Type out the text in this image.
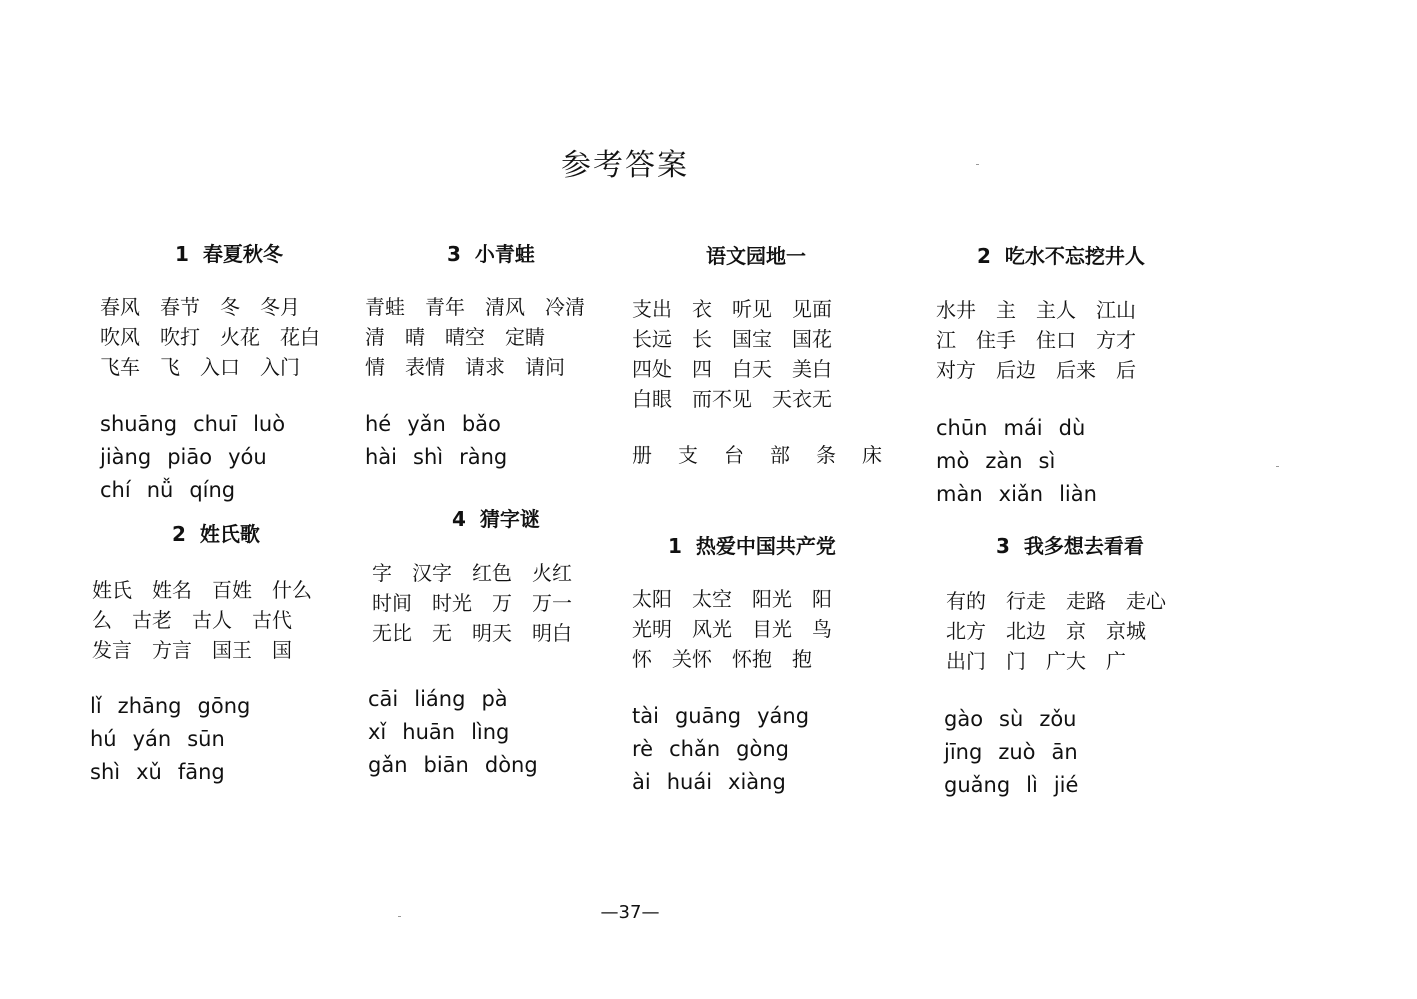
参考答案
1 春夏秋冬
春风 春节 冬 冬月
吹风 吹打 火花 花白
飞车 飞 入口 入门
shuāng chuī luò
jiàng piāo yóu
chí nǚ qíng
2 姓氏歌
姓氏 姓名 百姓 什么
么 古老 古人 古代
发言 方言 国王 国
lǐ zhāng gōng
hú yán sūn
shì xǔ fāng
3 小青蛙
青蛙 青年 清风 冷清
清 晴 晴空 定睛
情 表情 请求 请问
hé yǎn bǎo
hài shì ràng
4 猜字谜
字 汉字 红色 火红
时间 时光 万 万一
无比 无 明天 明白
cāi liáng pà
xǐ huān lìng
gǎn biān dòng
语文园地一
支出 衣 听见 见面
长远 长 国宝 国花
四处 四 白天 美白
白眼 而不见 天衣无
册 支 台 部 条 床
1 热爱中国共产党
太阳 太空 阳光 阳
光明 风光 目光 鸟
怀 关怀 怀抱 抱
tài guāng yáng
rè chǎn gòng
ài huái xiàng
2 吃水不忘挖井人
水井 主 主人 江山
江 住手 住口 方才
对方 后边 后来 后
chūn mái dù
mò zàn sì
màn xiǎn liàn
3 我多想去看看
有的 行走 走路 走心
北方 北边 京 京城
出门 门 广大 广
gào sù zǒu
jīng zuò ān
guǎng lì jié
—37—
